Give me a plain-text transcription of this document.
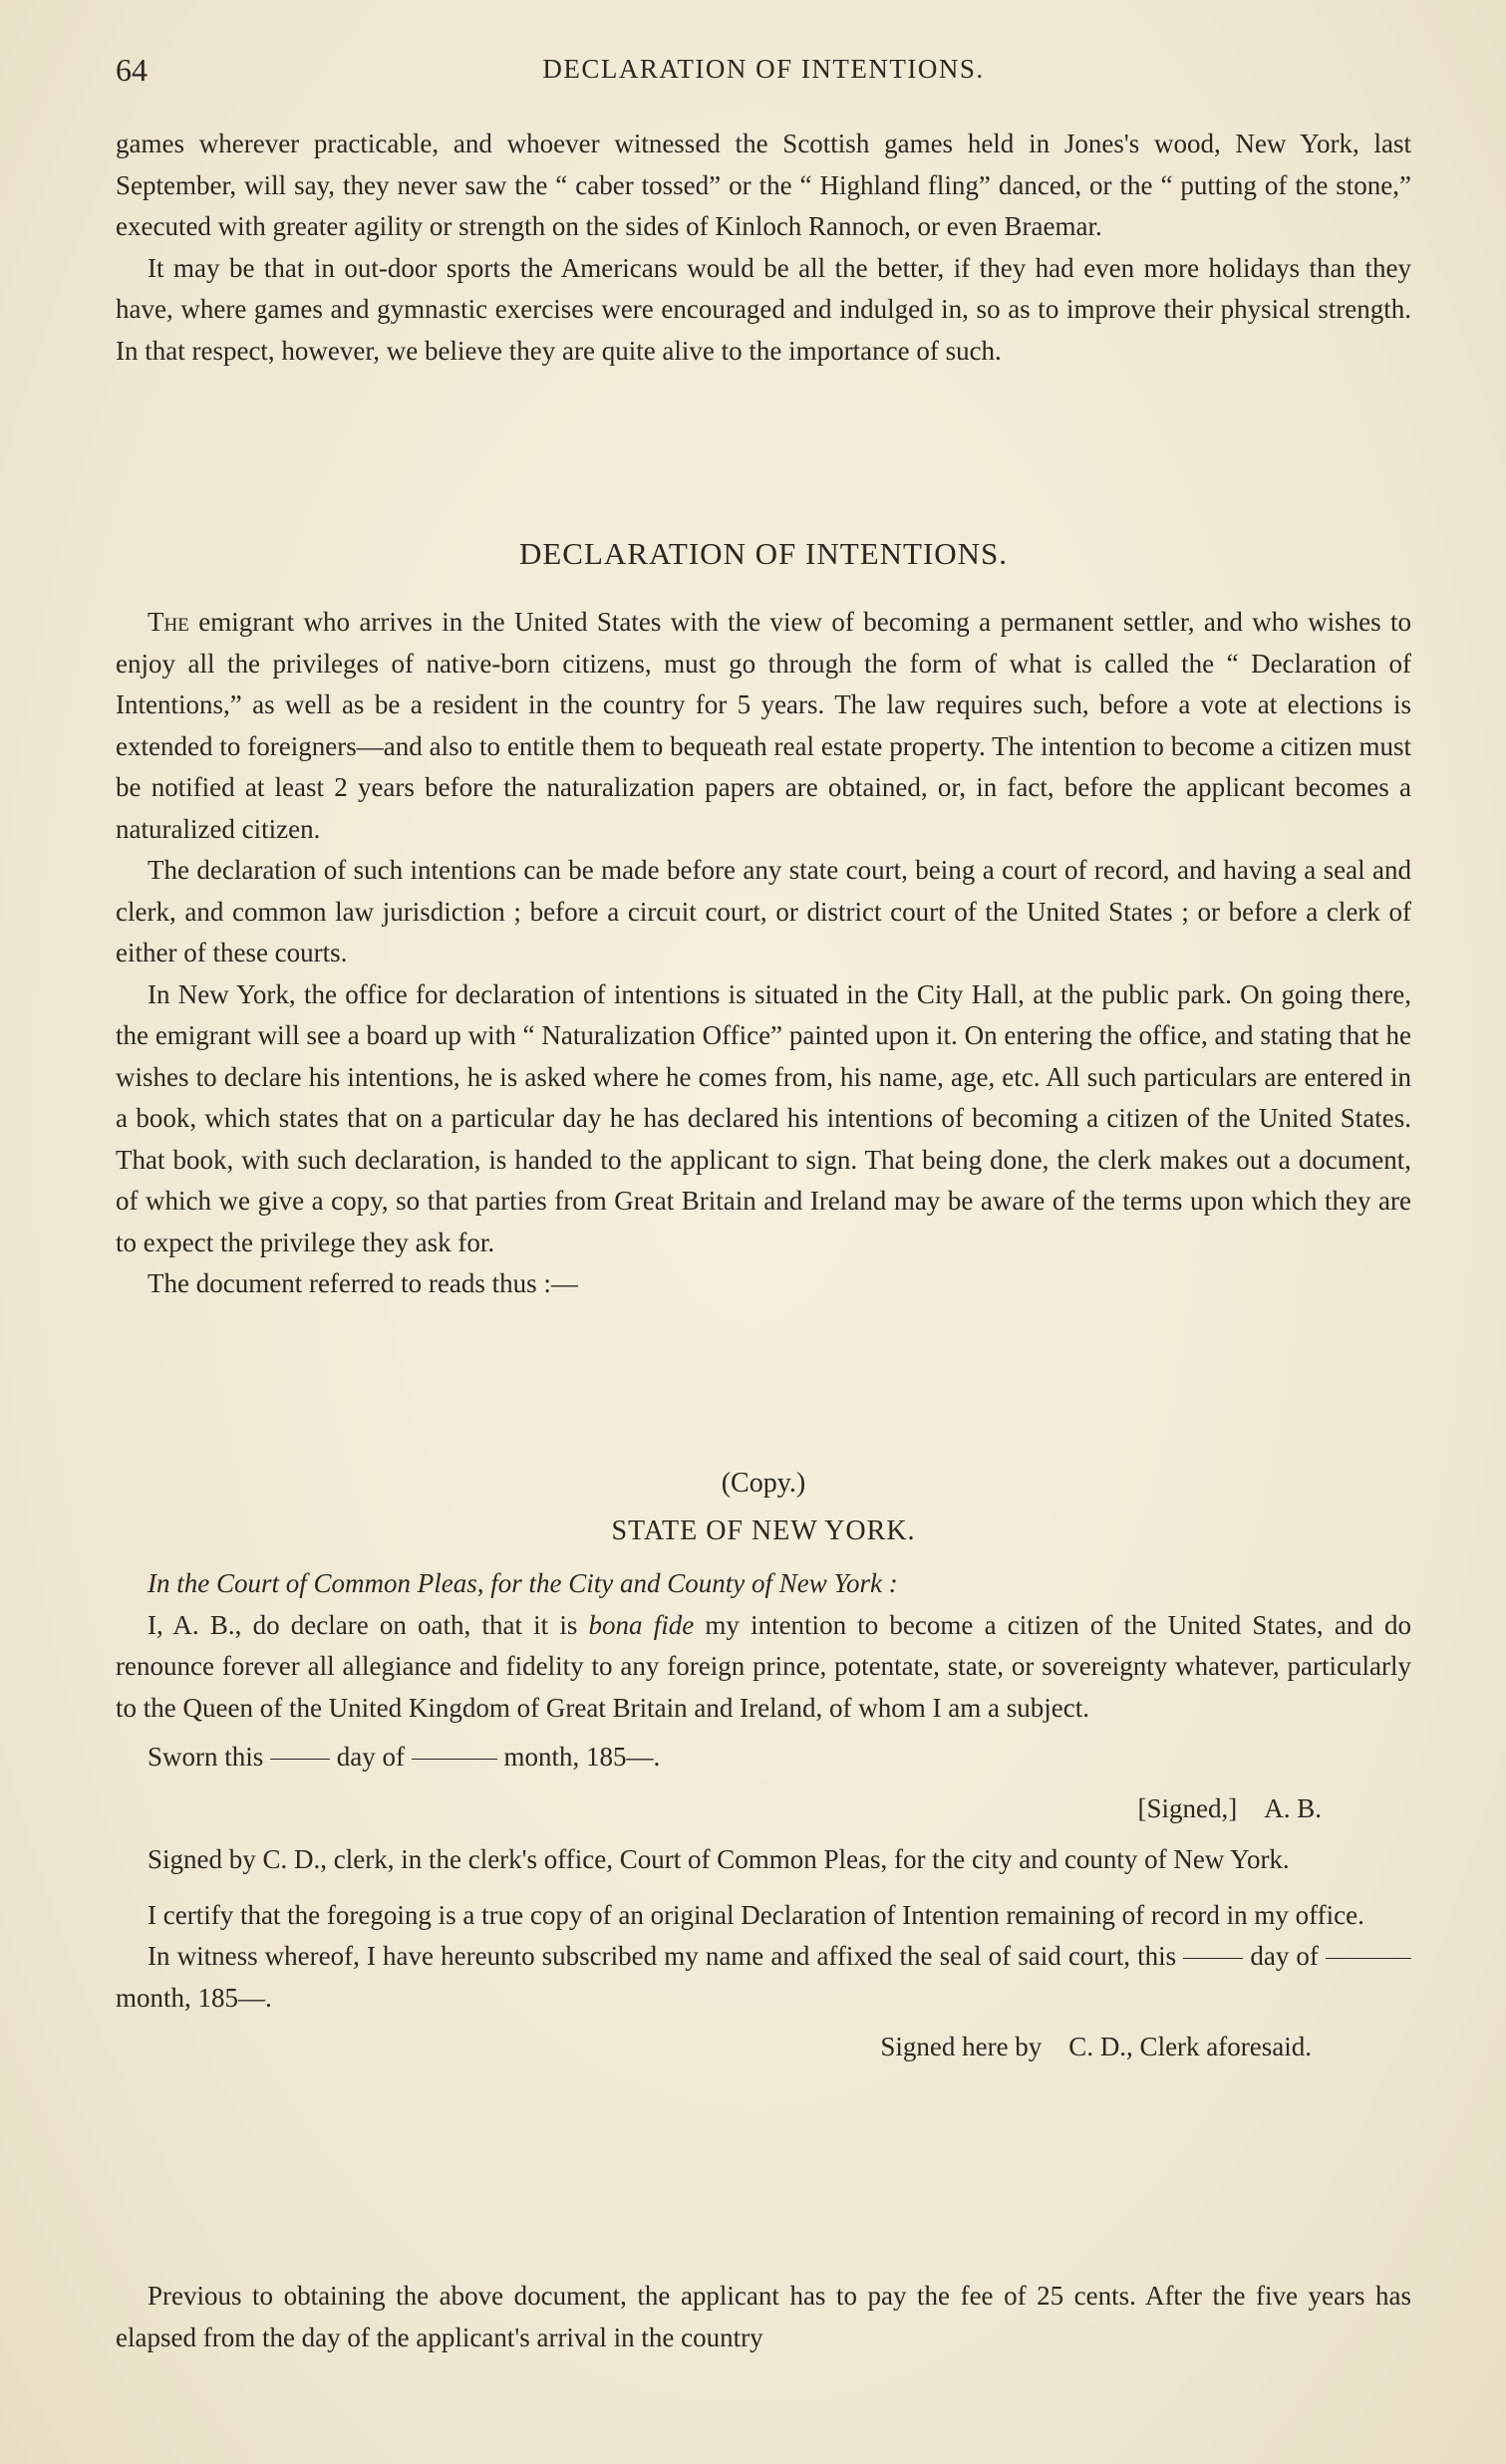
64	DECLARATION OF INTENTIONS.

games wherever practicable, and whoever witnessed the Scottish games held in Jones's wood, New York, last September, will say, they never saw the “ caber tossed” or the “ Highland fling” danced, or the “ putting of the stone,” executed with greater agility or strength on the sides of Kinloch Rannoch, or even Braemar.

It may be that in out-door sports the Americans would be all the better, if they had even more holidays than they have, where games and gymnastic exercises were encouraged and indulged in, so as to improve their physical strength. In that respect, however, we believe they are quite alive to the importance of such.

DECLARATION OF INTENTIONS.

The emigrant who arrives in the United States with the view of becoming a permanent settler, and who wishes to enjoy all the privileges of native-born citizens, must go through the form of what is called the “ Declaration of Intentions,” as well as be a resident in the country for 5 years. The law requires such, before a vote at elections is extended to foreigners—and also to entitle them to bequeath real estate property. The intention to become a citizen must be notified at least 2 years before the naturalization papers are obtained, or, in fact, before the applicant becomes a naturalized citizen.

The declaration of such intentions can be made before any state court, being a court of record, and having a seal and clerk, and common law jurisdiction ; before a circuit court, or district court of the United States ; or before a clerk of either of these courts.

In New York, the office for declaration of intentions is situated in the City Hall, at the public park. On going there, the emigrant will see a board up with “ Naturalization Office” painted upon it. On entering the office, and stating that he wishes to declare his intentions, he is asked where he comes from, his name, age, etc. All such particulars are entered in a book, which states that on a particular day he has declared his intentions of becoming a citizen of the United States. That book, with such declaration, is handed to the applicant to sign. That being done, the clerk makes out a document, of which we give a copy, so that parties from Great Britain and Ireland may be aware of the terms upon which they are to expect the privilege they ask for.

The document referred to reads thus :—

(Copy.)
STATE OF NEW YORK.

In the Court of Common Pleas, for the City and County of New York :

I, A. B., do declare on oath, that it is bona fide my intention to become a citizen of the United States, and do renounce forever all allegiance and fidelity to any foreign prince, potentate, state, or sovereignty whatever, particularly to the Queen of the United Kingdom of Great Britain and Ireland, of whom I am a subject.

Sworn this	day of	month, 185—.

[Signed,] A. B.

Signed by C. D., clerk, in the clerk's office, Court of Common Pleas, for the city and county of New York.

I certify that the foregoing is a true copy of an original Declaration of Intention remaining of record in my office.

In witness whereof, I have hereunto subscribed my name and affixed the seal of said court, this	day of  month, 185—.

Signed here by C. D., Clerk aforesaid.

Previous to obtaining the above document, the applicant has to pay the fee of 25 cents. After the five years has elapsed from the day of the applicant's arrival in the country
